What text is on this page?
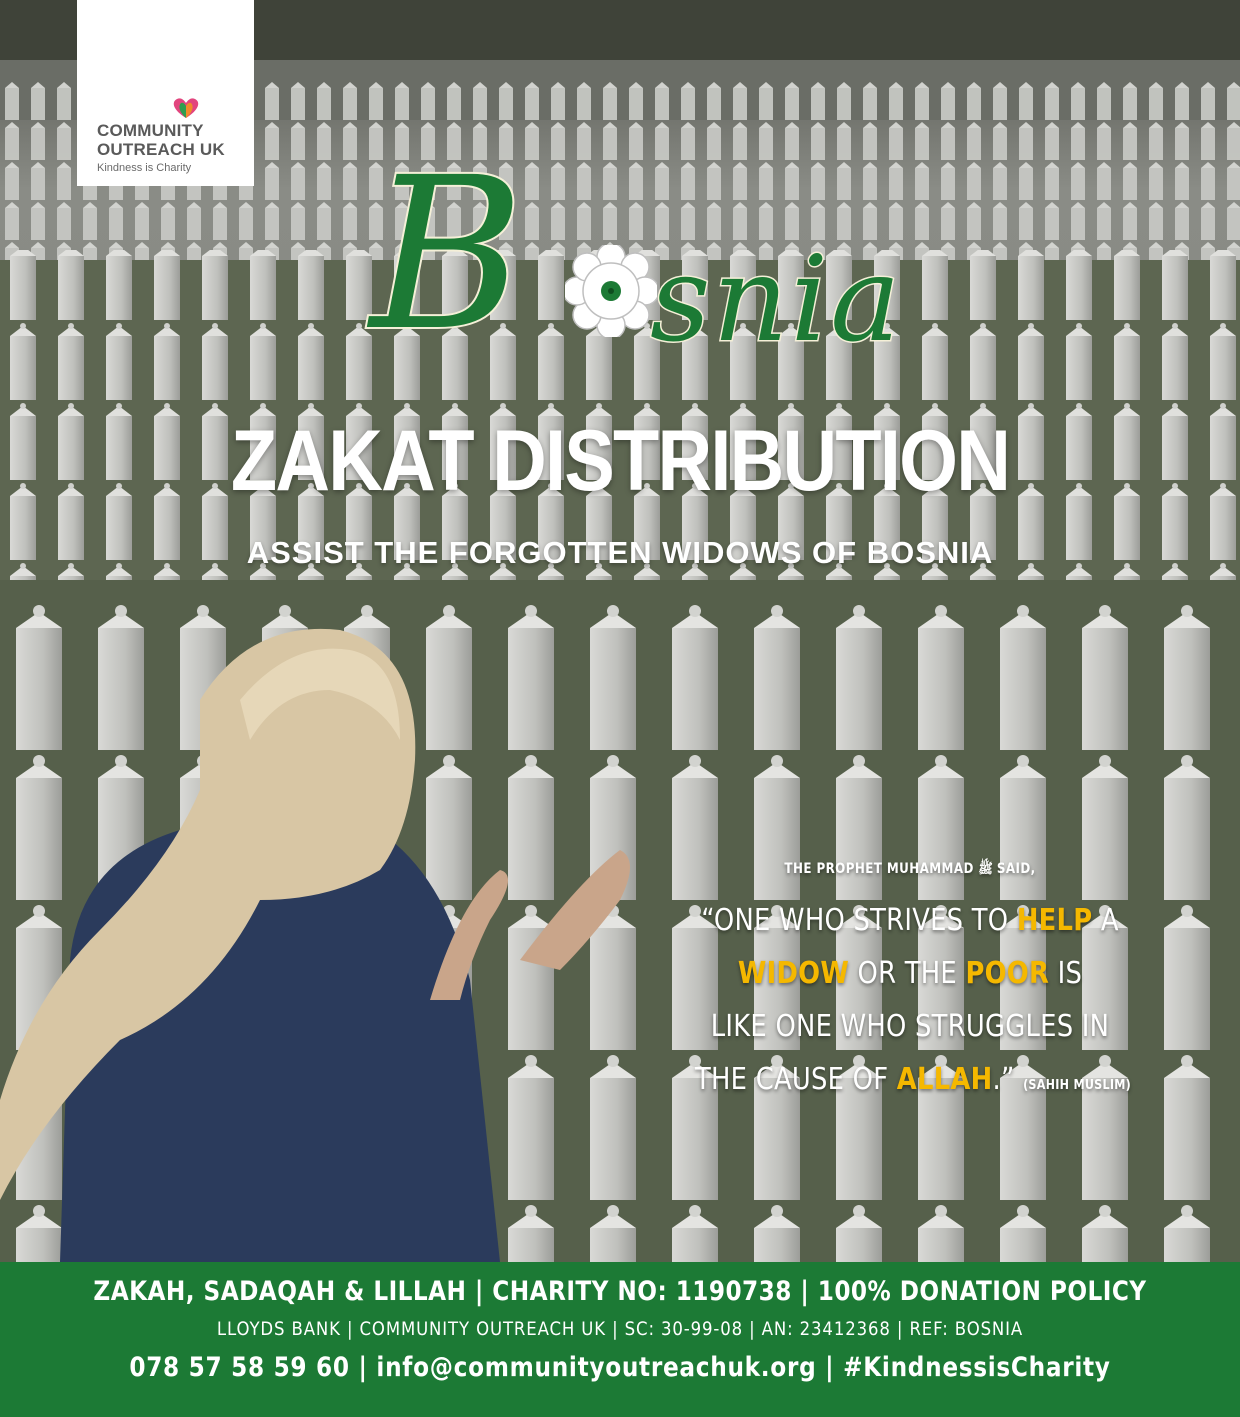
COMMUNITY
OUTREACH UK
Kindness is Charity B snia
ZAKAT DISTRIBUTION
ASSIST THE FORGOTTEN WIDOWS OF BOSNIA
THE PROPHET MUHAMMAD ﷺ SAID,
“ONE WHO STRIVES TO HELP A
WIDOW OR THE POOR IS
LIKE ONE WHO STRUGGLES IN
THE CAUSE OF ALLAH.” (SAHIH MUSLIM)
ZAKAH, SADAQAH & LILLAH | CHARITY NO: 1190738 | 100% DONATION POLICY
LLOYDS BANK | COMMUNITY OUTREACH UK | SC: 30-99-08 | AN: 23412368 | REF: BOSNIA
078 57 58 59 60 | info@communityoutreachuk.org | #KindnessisCharity
